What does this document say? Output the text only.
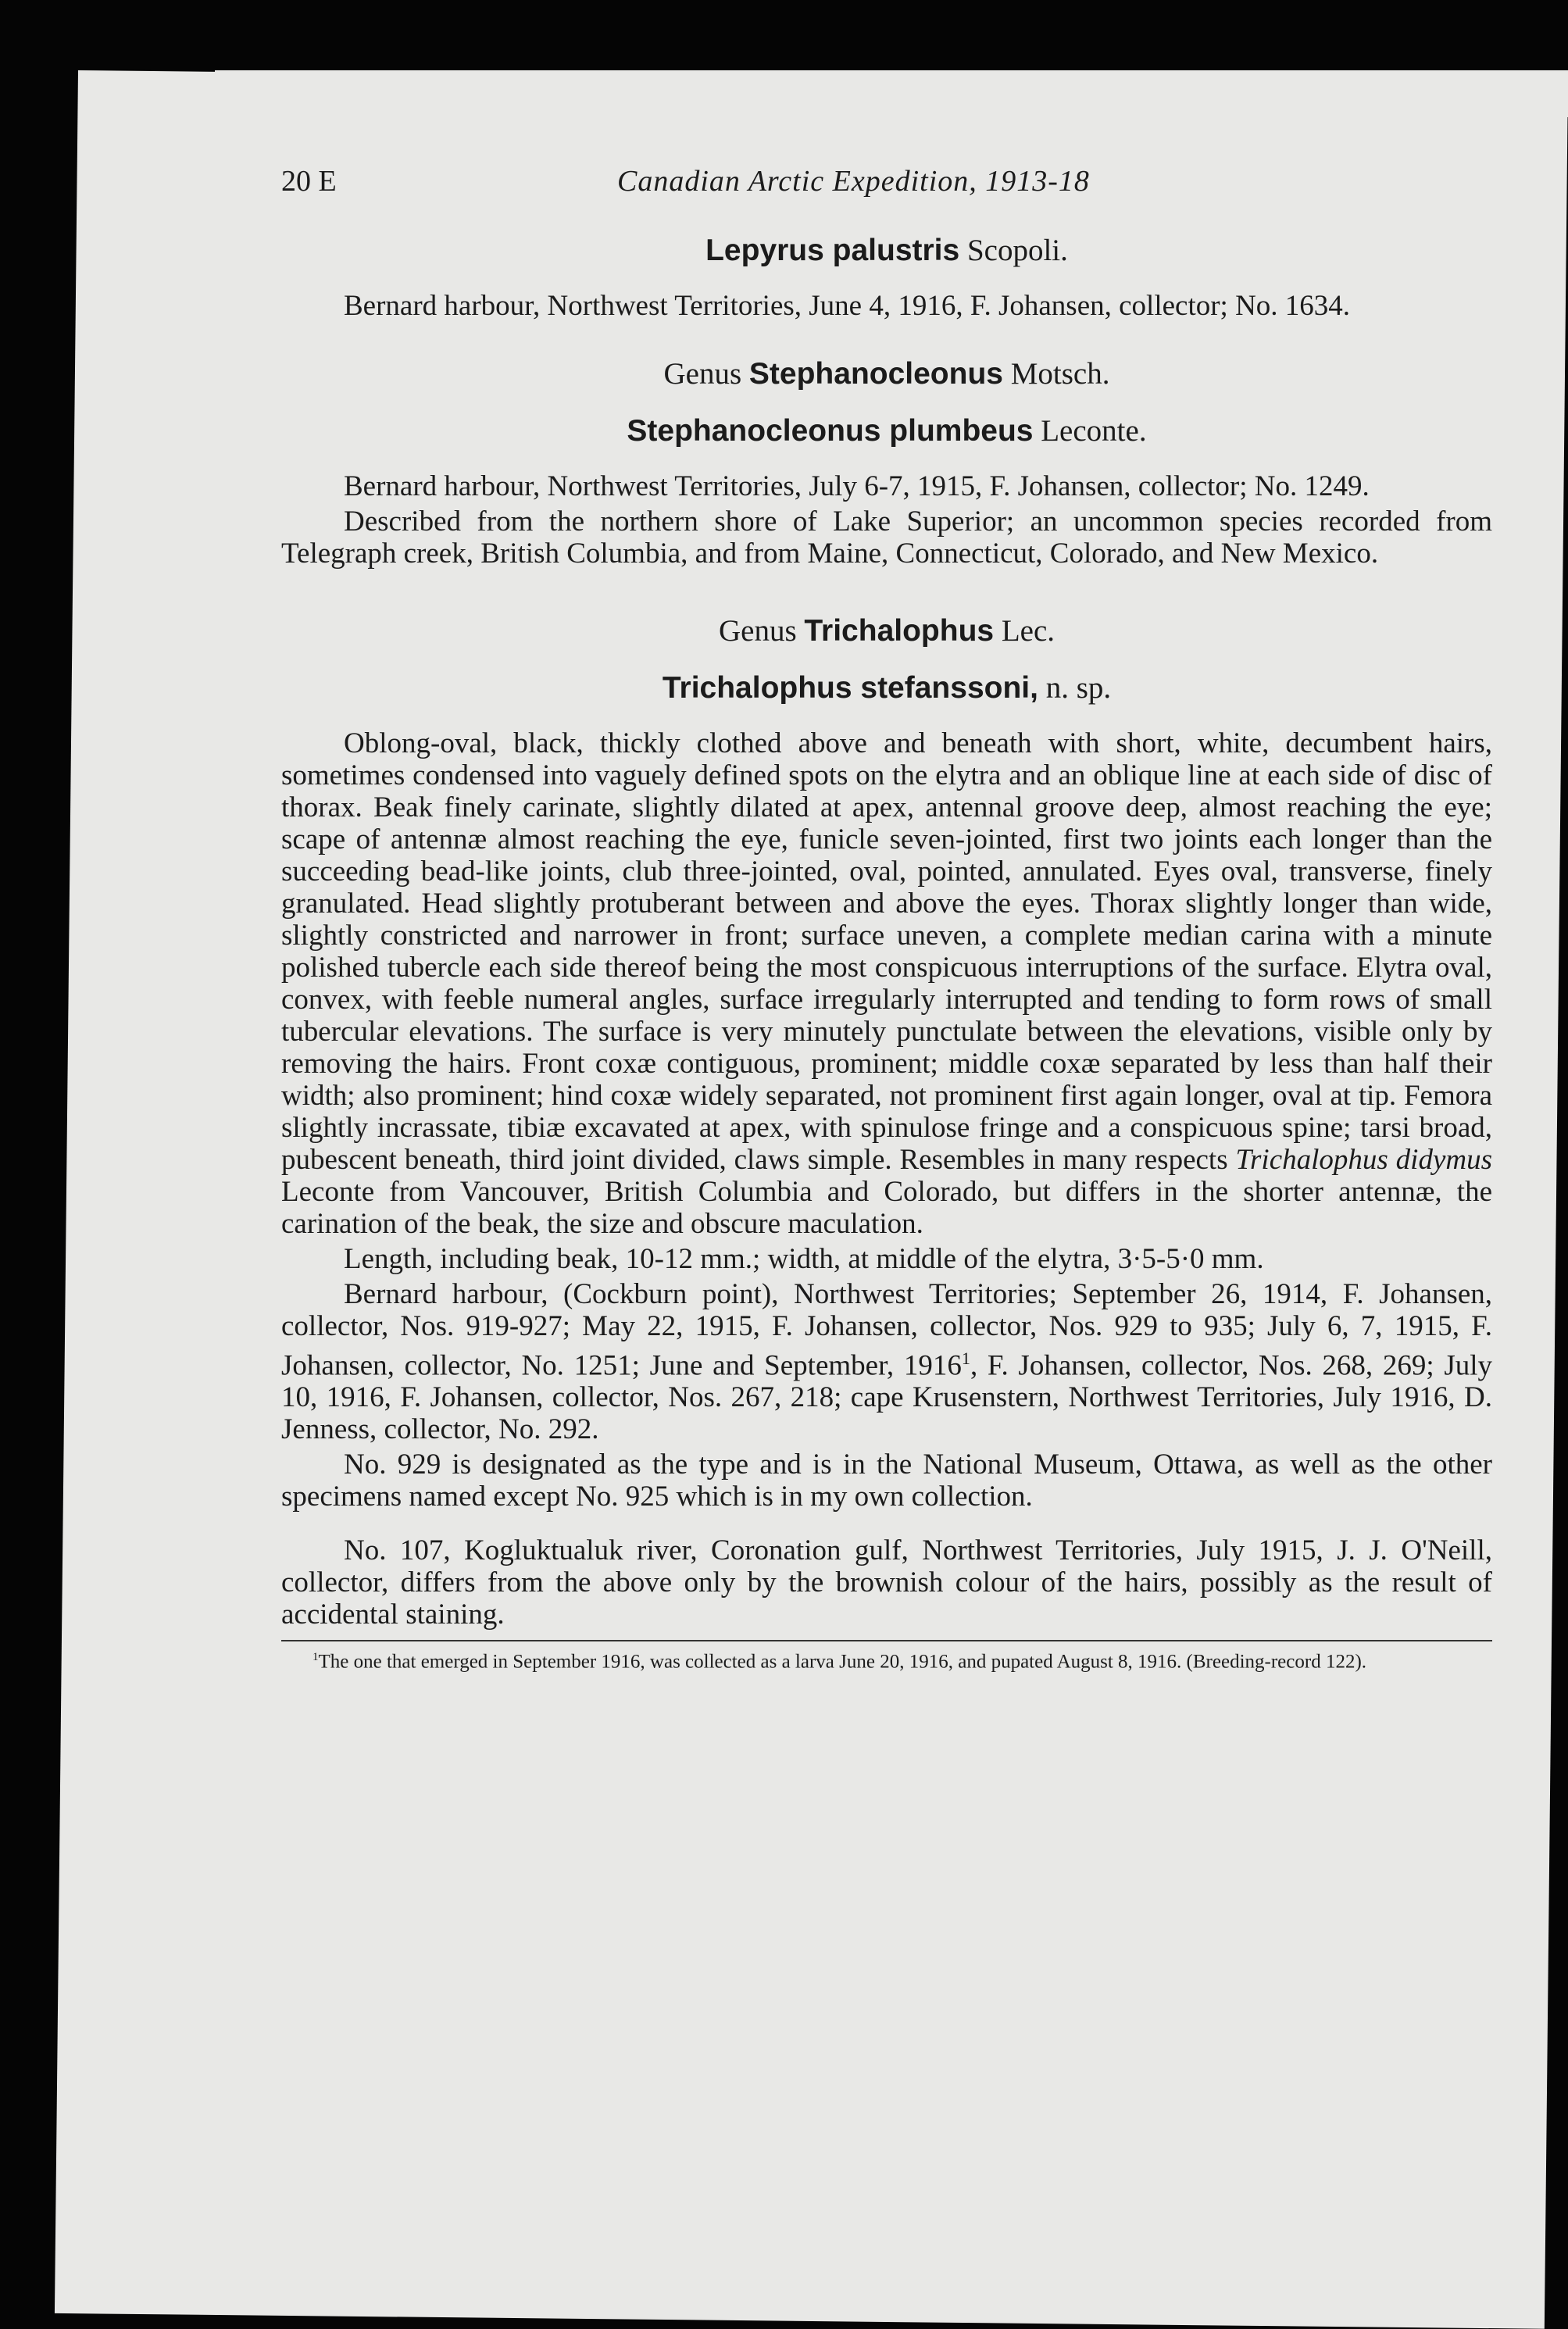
20 E	Canadian Arctic Expedition, 1913-18
Lepyrus palustris Scopoli.

Bernard harbour, Northwest Territories, June 4, 1916, F. Johansen, collector; No. 1634.

Genus Stephanocleonus Motsch.
Stephanocleonus plumbeus Leconte.

Bernard harbour, Northwest Territories, July 6-7, 1915, F. Johansen, collector; No. 1249.

Described from the northern shore of Lake Superior; an uncommon species recorded from Telegraph creek, British Columbia, and from Maine, Connecticut, Colorado, and New Mexico.

Genus Trichalophus Lec.
Trichalophus stefanssoni, n. sp.

Oblong-oval, black, thickly clothed above and beneath with short, white, decumbent hairs, sometimes condensed into vaguely defined spots on the elytra and an oblique line at each side of disc of thorax. Beak finely carinate, slightly dilated at apex, antennal groove deep, almost reaching the eye; scape of antennæ almost reaching the eye, funicle seven-jointed, first two joints each longer than the succeeding bead-like joints, club three-jointed, oval, pointed, annulated. Eyes oval, transverse, finely granulated. Head slightly protuberant between and above the eyes. Thorax slightly longer than wide, slightly constricted and narrower in front; surface uneven, a complete median carina with a minute polished tubercle each side thereof being the most conspicuous interruptions of the surface. Elytra oval, convex, with feeble numeral angles, surface irregularly interrupted and tending to form rows of small tubercular elevations. The surface is very minutely punctulate between the elevations, visible only by removing the hairs. Front coxæ contiguous, prominent; middle coxæ separated by less than half their width; also prominent; hind coxæ widely separated, not prominent first again longer, oval at tip. Femora slightly incrassate, tibiæ excavated at apex, with spinulose fringe and a conspicuous spine; tarsi broad, pubescent beneath, third joint divided, claws simple. Resembles in many respects Trichalophus didymus Leconte from Vancouver, British Columbia and Colorado, but differs in the shorter antennæ, the carination of the beak, the size and obscure maculation.

Length, including beak, 10-12 mm.; width, at middle of the elytra, 3·5-5·0 mm.

Bernard harbour, (Cockburn point), Northwest Territories; September 26, 1914, F. Johansen, collector, Nos. 919-927; May 22, 1915, F. Johansen, collector, Nos. 929 to 935; July 6, 7, 1915, F. Johansen, collector, No. 1251; June and September, 1916$^1$, F. Johansen, collector, Nos. 268, 269; July 10, 1916, F. Johansen, collector, Nos. 267, 218; cape Krusenstern, Northwest Territories, July 1916, D. Jenness, collector, No. 292.

No. 929 is designated as the type and is in the National Museum, Ottawa, as well as the other specimens named except No. 925 which is in my own collection.

No. 107, Kogluktualuk river, Coronation gulf, Northwest Territories, July 1915, J. J. O'Neill, collector, differs from the above only by the brownish colour of the hairs, possibly as the result of accidental staining.

$^1$The one that emerged in September 1916, was collected as a larva June 20, 1916, and pupated August 8, 1916. (Breeding-record 122).
